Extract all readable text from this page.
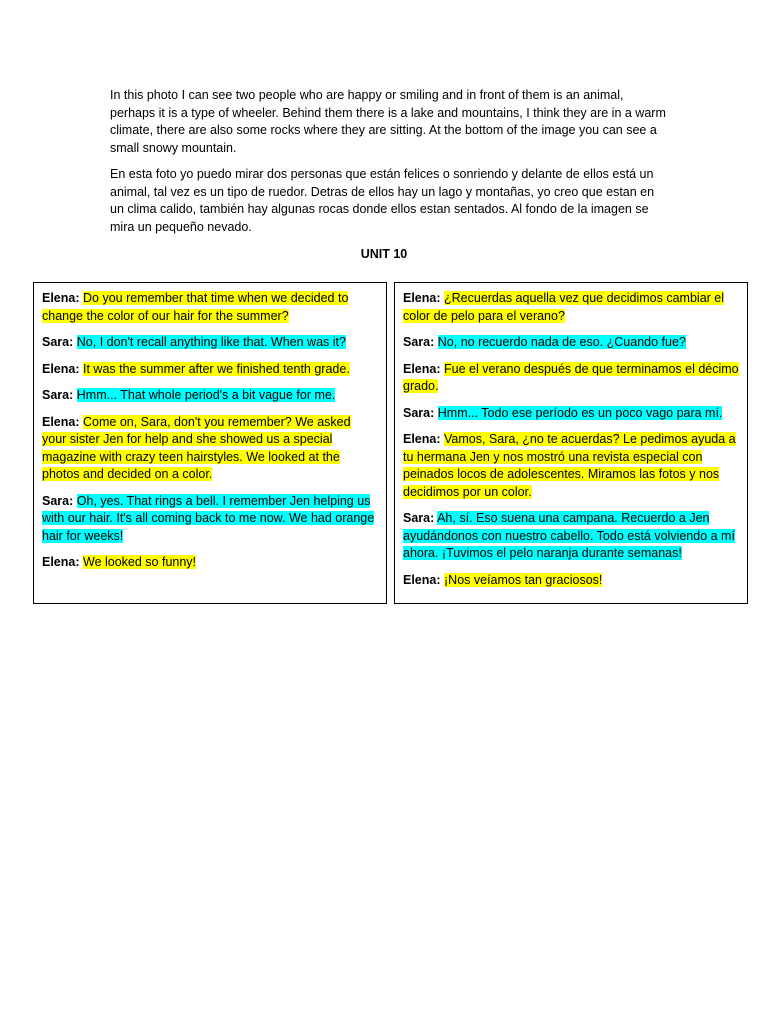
In this photo I can see two people who are happy or smiling and in front of them is an animal, perhaps it is a type of wheeler. Behind them there is a lake and mountains, I think they are in a warm climate, there are also some rocks where they are sitting. At the bottom of the image you can see a small snowy mountain.

En esta foto yo puedo mirar dos personas que están felices o sonriendo y delante de ellos está un animal, tal vez es un tipo de ruedor. Detras de ellos hay un lago y montañas, yo creo que estan en un clima calido, también hay algunas rocas donde ellos estan sentados. Al fondo de la imagen se mira un pequeño nevado.

UNIT 10

Elena: Do you remember that time when we decided to change the color of our hair for the summer?

Sara: No, I don't recall anything like that. When was it?

Elena: It was the summer after we finished tenth grade.

Sara: Hmm... That whole period's a bit vague for me.

Elena: Come on, Sara, don't you remember? We asked your sister Jen for help and she showed us a special magazine with crazy teen hairstyles. We looked at the photos and decided on a color.

Sara: Oh, yes. That rings a bell. I remember Jen helping us with our hair. It's all coming back to me now. We had orange hair for weeks!

Elena: We looked so funny!

Elena: ¿Recuerdas aquella vez que decidimos cambiar el color de pelo para el verano?

Sara: No, no recuerdo nada de eso. ¿Cuando fue?

Elena: Fue el verano después de que terminamos el décimo grado.

Sara: Hmm... Todo ese período es un poco vago para mí.

Elena: Vamos, Sara, ¿no te acuerdas? Le pedimos ayuda a tu hermana Jen y nos mostró una revista especial con peinados locos de adolescentes. Miramos las fotos y nos decidimos por un color.

Sara: Ah, sí. Eso suena una campana. Recuerdo a Jen ayudándonos con nuestro cabello. Todo está volviendo a mí ahora. ¡Tuvimos el pelo naranja durante semanas!

Elena: ¡Nos veíamos tan graciosos!
